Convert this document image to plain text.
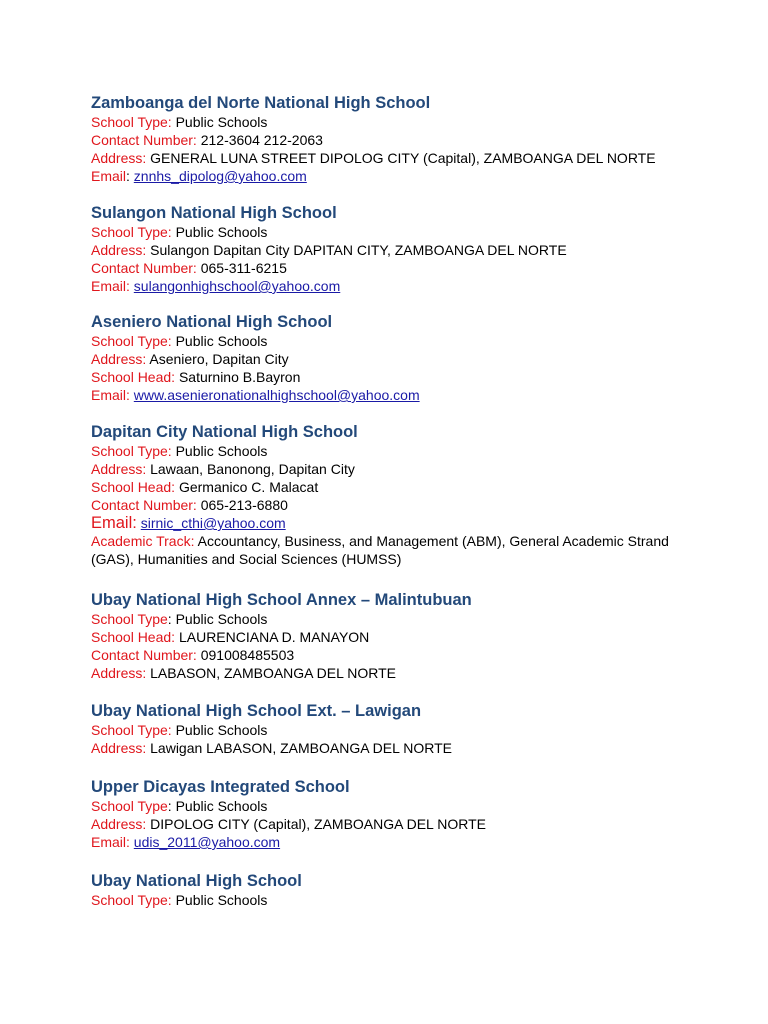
Zamboanga del Norte National High School
School Type: Public Schools
Contact Number: 212-3604 212-2063
Address: GENERAL LUNA STREET DIPOLOG CITY (Capital), ZAMBOANGA DEL NORTE
Email: znnhs_dipolog@yahoo.com
Sulangon National High School
School Type: Public Schools
Address: Sulangon Dapitan City DAPITAN CITY, ZAMBOANGA DEL NORTE
Contact Number: 065-311-6215
Email: sulangonhighschool@yahoo.com
Aseniero National High School
School Type: Public Schools
Address: Aseniero, Dapitan City
School Head: Saturnino B.Bayron
Email: www.asenieronationalhighschool@yahoo.com
Dapitan City National High School
School Type: Public Schools
Address: Lawaan, Banonong, Dapitan City
School Head: Germanico C. Malacat
Contact Number: 065-213-6880
Email: sirnic_cthi@yahoo.com
Academic Track: Accountancy, Business, and Management (ABM), General Academic Strand (GAS), Humanities and Social Sciences (HUMSS)
Ubay National High School Annex – Malintubuan
School Type: Public Schools
School Head: LAURENCIANA D. MANAYON
Contact Number: 091008485503
Address: LABASON, ZAMBOANGA DEL NORTE
Ubay National High School Ext. – Lawigan
School Type: Public Schools
Address: Lawigan LABASON, ZAMBOANGA DEL NORTE
Upper Dicayas Integrated School
School Type: Public Schools
Address: DIPOLOG CITY (Capital), ZAMBOANGA DEL NORTE
Email: udis_2011@yahoo.com
Ubay National High School
School Type: Public Schools
